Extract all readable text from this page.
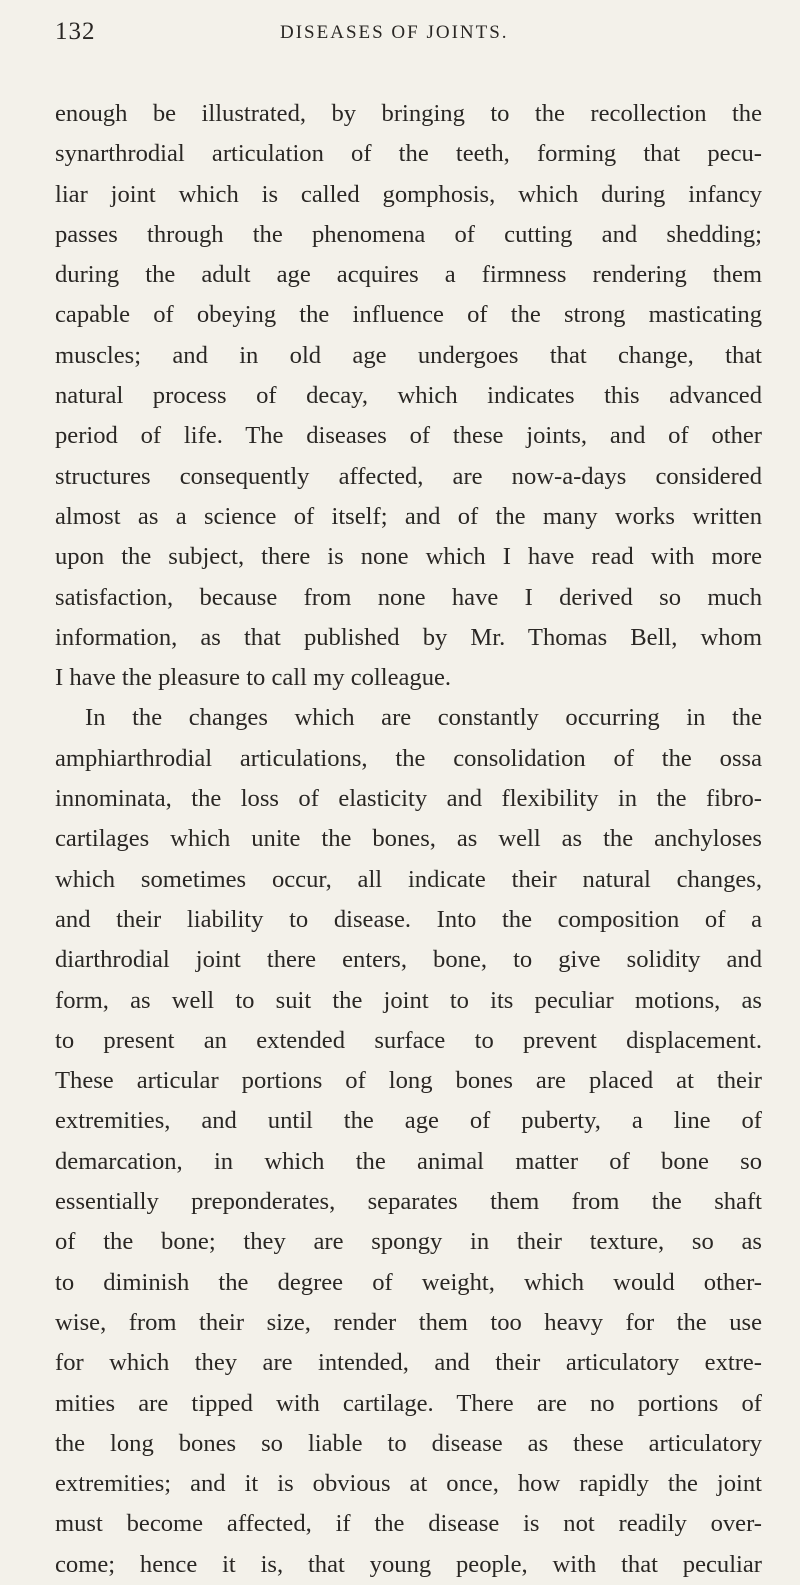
132	DISEASES OF JOINTS.
enough be illustrated, by bringing to the recollection the
synarthrodial articulation of the teeth, forming that pecu-
liar joint which is called gomphosis, which during infancy
passes through the phenomena of cutting and shedding;
during the adult age acquires a firmness rendering them
capable of obeying the influence of the strong masticating
muscles; and in old age undergoes that change, that
natural process of decay, which indicates this advanced
period of life. The diseases of these joints, and of other
structures consequently affected, are now-a-days considered
almost as a science of itself; and of the many works written
upon the subject, there is none which I have read with more
satisfaction, because from none have I derived so much
information, as that published by Mr. Thomas Bell, whom
I have the pleasure to call my colleague.
In the changes which are constantly occurring in the
amphiarthrodial articulations, the consolidation of the ossa
innominata, the loss of elasticity and flexibility in the fibro-
cartilages which unite the bones, as well as the anchyloses
which sometimes occur, all indicate their natural changes,
and their liability to disease. Into the composition of a
diarthrodial joint there enters, bone, to give solidity and
form, as well to suit the joint to its peculiar motions, as
to present an extended surface to prevent displacement.
These articular portions of long bones are placed at their
extremities, and until the age of puberty, a line of
demarcation, in which the animal matter of bone so
essentially preponderates, separates them from the shaft
of the bone; they are spongy in their texture, so as
to diminish the degree of weight, which would other-
wise, from their size, render them too heavy for the use
for which they are intended, and their articulatory extre-
mities are tipped with cartilage. There are no portions of
the long bones so liable to disease as these articulatory
extremities; and it is obvious at once, how rapidly the joint
must become affected, if the disease is not readily over-
come; hence it is, that young people, with that peculiar
